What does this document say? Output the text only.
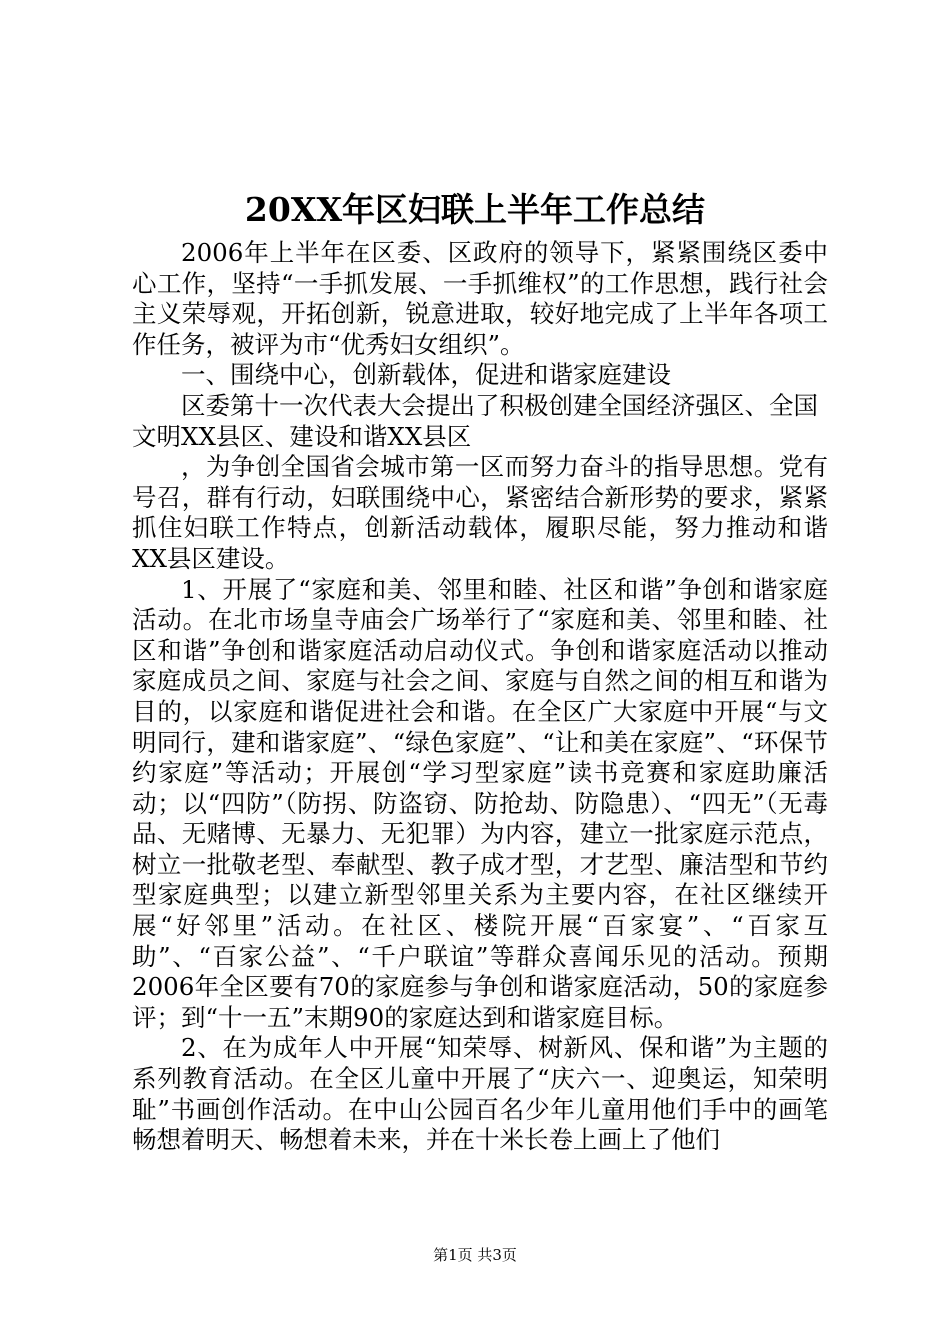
20XX年区妇联上半年工作总结

2006年上半年在区委、区政府的领导下，紧紧围绕区委中心工作，坚持“一手抓发展、一手抓维权”的工作思想，践行社会主义荣辱观，开拓创新，锐意进取，较好地完成了上半年各项工作任务，被评为市“优秀妇女组织”。

一、围绕中心，创新载体，促进和谐家庭建设

区委第十一次代表大会提出了积极创建全国经济强区、全国文明XX县区、建设和谐XX县区

，为争创全国省会城市第一区而努力奋斗的指导思想。党有号召，群有行动，妇联围绕中心，紧密结合新形势的要求，紧紧抓住妇联工作特点，创新活动载体，履职尽能，努力推动和谐XX县区建设。

1、开展了“家庭和美、邻里和睦、社区和谐”争创和谐家庭活动。在北市场皇寺庙会广场举行了“家庭和美、邻里和睦、社区和谐”争创和谐家庭活动启动仪式。争创和谐家庭活动以推动家庭成员之间、家庭与社会之间、家庭与自然之间的相互和谐为目的，以家庭和谐促进社会和谐。在全区广大家庭中开展“与文明同行，建和谐家庭”、“绿色家庭”、“让和美在家庭”、“环保节约家庭”等活动；开展创“学习型家庭”读书竞赛和家庭助廉活动；以“四防”（防拐、防盗窃、防抢劫、防隐患）、“四无”（无毒品、无赌博、无暴力、无犯罪）为内容，建立一批家庭示范点，树立一批敬老型、奉献型、教子成才型，才艺型、廉洁型和节约型家庭典型；以建立新型邻里关系为主要内容，在社区继续开展“好邻里”活动。在社区、楼院开展“百家宴”、“百家互助”、“百家公益”、“千户联谊”等群众喜闻乐见的活动。预期2006年全区要有70的家庭参与争创和谐家庭活动，50的家庭参评；到“十一五”末期90的家庭达到和谐家庭目标。

2、在为成年人中开展“知荣辱、树新风、保和谐”为主题的系列教育活动。在全区儿童中开展了“庆六一、迎奥运，知荣明耻”书画创作活动。在中山公园百名少年儿童用他们手中的画笔畅想着明天、畅想着未来，并在十米长卷上画上了他们

第1页 共3页
